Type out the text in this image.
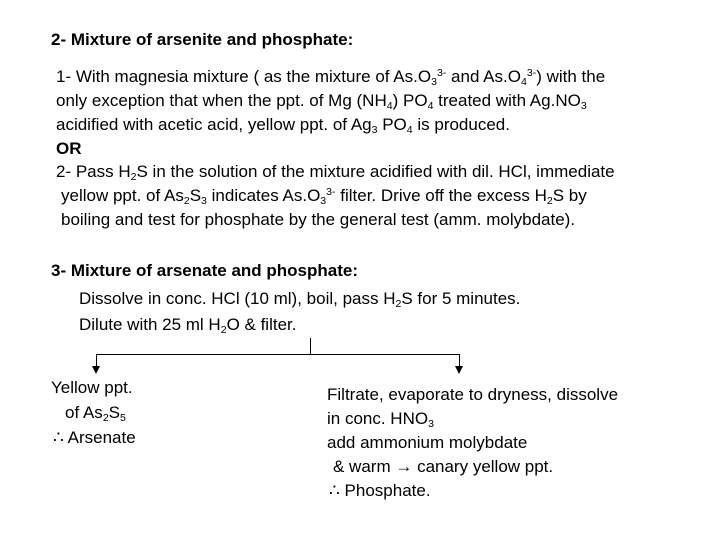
2- Mixture of arsenite and phosphate:
1- With magnesia mixture ( as the mixture of $As.O_3^{3-}$ and $As.O_4^{3-}$) with the
only exception that when the ppt. of Mg $(NH_4)$ $PO_4$ treated with $Ag.NO_3$
acidified with acetic acid, yellow ppt. of $Ag_3$ $PO_4$ is produced.
OR
2- Pass $H_2S$ in the solution of the mixture acidified with dil. HCl, immediate
yellow ppt. of $As_2S_3$ indicates $As.O_3^{3-}$ filter. Drive off the excess $H_2S$ by
boiling and test for phosphate by the general test (amm. molybdate).
3- Mixture of arsenate and phosphate:
Dissolve in conc. HCl (10 ml), boil, pass $H_2S$ for 5 minutes.
Dilute with 25 ml $H_2O$ & filter.
Yellow ppt.
of $As_2S_5$
∴ Arsenate
Filtrate, evaporate to dryness, dissolve
in conc. $HNO_3$
add ammonium molybdate
& warm → canary yellow ppt.
∴ Phosphate.
